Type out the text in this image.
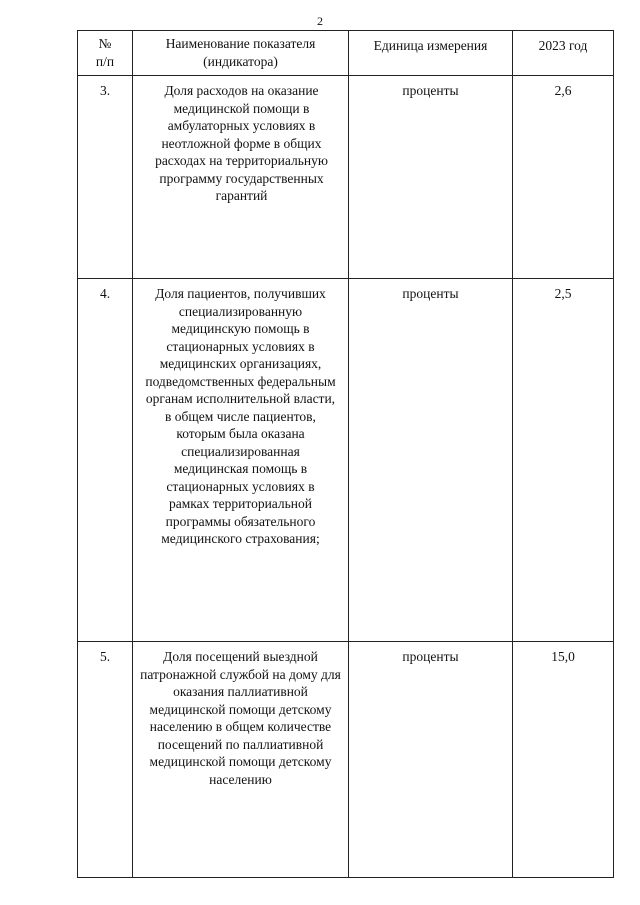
2
№
п/п	Наименование показателя (индикатора)	Единица измерения	2023 год

3.	Доля расходов на оказание медицинской помощи в амбулаторных условиях в неотложной форме в общих расходах на территориальную программу государственных гарантий	проценты	2,6

4.	Доля пациентов, получивших специализированную медицинскую помощь в стационарных условиях в медицинских организациях, подведомственных федеральным органам исполнительной власти, в общем числе пациентов, которым была оказана специализированная медицинская помощь в стационарных условиях в рамках территориальной программы обязательного медицинского страхования;	проценты	2,5

5.	Доля посещений выездной патронажной службой на дому для оказания паллиативной медицинской помощи детскому населению в общем количестве посещений по паллиативной медицинской помощи детскому населению	проценты	15,0
